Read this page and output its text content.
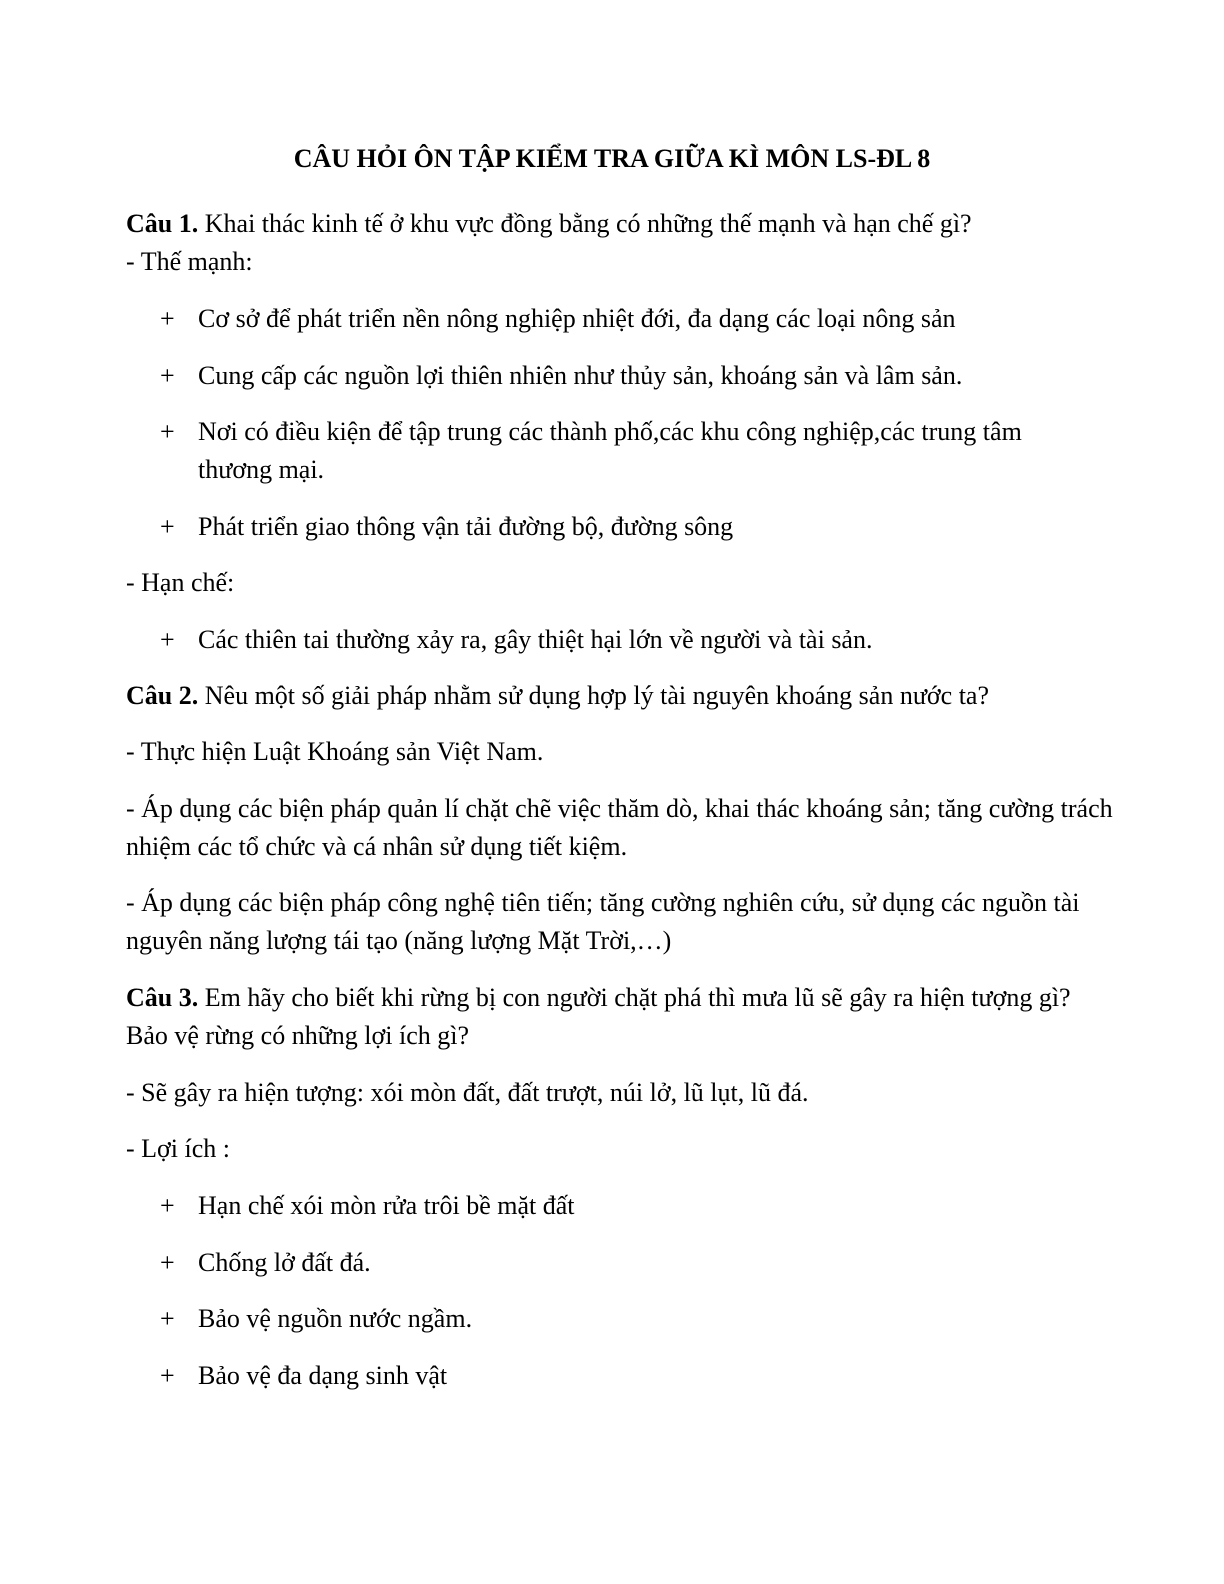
CÂU HỎI ÔN TẬP KIỂM TRA GIỮA KÌ MÔN LS-ĐL 8
Câu 1. Khai thác kinh tế ở khu vực đồng bằng có những thế mạnh và hạn chế gì?
- Thế mạnh:
+ Cơ sở để phát triển nền nông nghiệp nhiệt đới, đa dạng các loại nông sản
+ Cung cấp các nguồn lợi thiên nhiên như thủy sản, khoáng sản và lâm sản.
+ Nơi có điều kiện để tập trung các thành phố,các khu công nghiệp,các trung tâm thương mại.
+ Phát triển giao thông vận tải đường bộ, đường sông
- Hạn chế:
+ Các thiên tai thường xảy ra, gây thiệt hại lớn về người và tài sản.
Câu 2. Nêu một số giải pháp nhằm sử dụng hợp lý tài nguyên khoáng sản nước ta?
- Thực hiện Luật Khoáng sản Việt Nam.
- Áp dụng các biện pháp quản lí chặt chẽ việc thăm dò, khai thác khoáng sản; tăng cường trách nhiệm các tổ chức và cá nhân sử dụng tiết kiệm.
- Áp dụng các biện pháp công nghệ tiên tiến; tăng cường nghiên cứu, sử dụng các nguồn tài nguyên năng lượng tái tạo (năng lượng Mặt Trời,…)
Câu 3. Em hãy cho biết khi rừng bị con người chặt phá thì mưa lũ sẽ gây ra hiện tượng gì? Bảo vệ rừng có những lợi ích gì?
- Sẽ gây ra hiện tượng: xói mòn đất, đất trượt, núi lở, lũ lụt, lũ đá.
- Lợi ích :
+ Hạn chế xói mòn rửa trôi bề mặt đất
+ Chống lở đất đá.
+ Bảo vệ nguồn nước ngầm.
+ Bảo vệ đa dạng sinh vật
